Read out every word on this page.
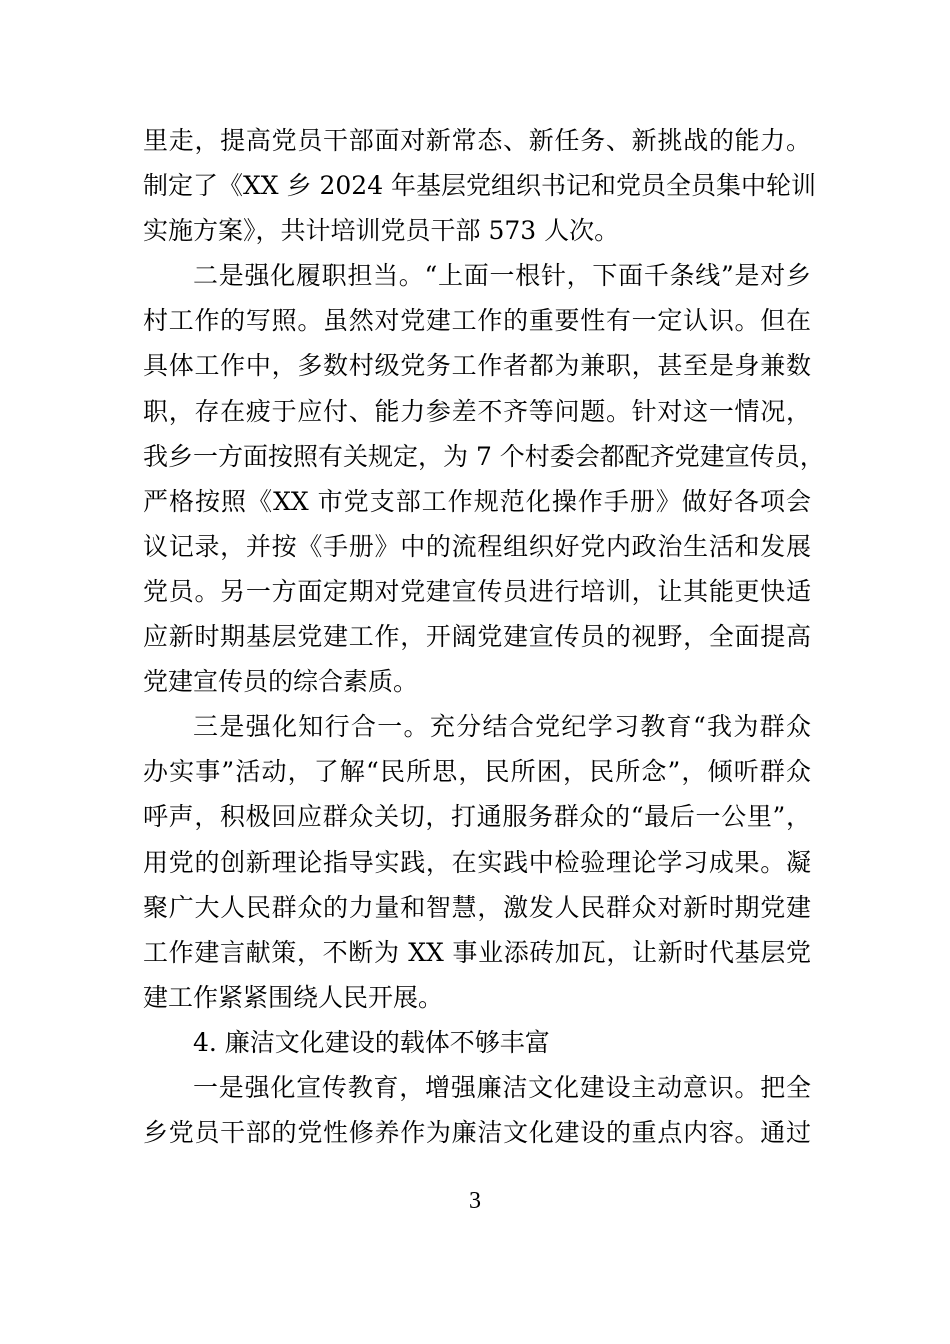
里走，提高党员干部面对新常态、新任务、新挑战的能力。
制定了《XX 乡 2024 年基层党组织书记和党员全员集中轮训
实施方案》，共计培训党员干部 573 人次。
二是强化履职担当。“上面一根针，下面千条线”是对乡
村工作的写照。虽然对党建工作的重要性有一定认识。但在
具体工作中，多数村级党务工作者都为兼职，甚至是身兼数
职，存在疲于应付、能力参差不齐等问题。针对这一情况，
我乡一方面按照有关规定，为 7 个村委会都配齐党建宣传员，
严格按照《XX 市党支部工作规范化操作手册》做好各项会
议记录，并按《手册》中的流程组织好党内政治生活和发展
党员。另一方面定期对党建宣传员进行培训，让其能更快适
应新时期基层党建工作，开阔党建宣传员的视野，全面提高
党建宣传员的综合素质。
三是强化知行合一。充分结合党纪学习教育“我为群众
办实事”活动，了解“民所思，民所困，民所念”，倾听群众
呼声，积极回应群众关切，打通服务群众的“最后一公里”，
用党的创新理论指导实践，在实践中检验理论学习成果。凝
聚广大人民群众的力量和智慧，激发人民群众对新时期党建
工作建言献策，不断为 XX 事业添砖加瓦，让新时代基层党
建工作紧紧围绕人民开展。
4. 廉洁文化建设的载体不够丰富
一是强化宣传教育，增强廉洁文化建设主动意识。把全
乡党员干部的党性修养作为廉洁文化建设的重点内容。通过
3
